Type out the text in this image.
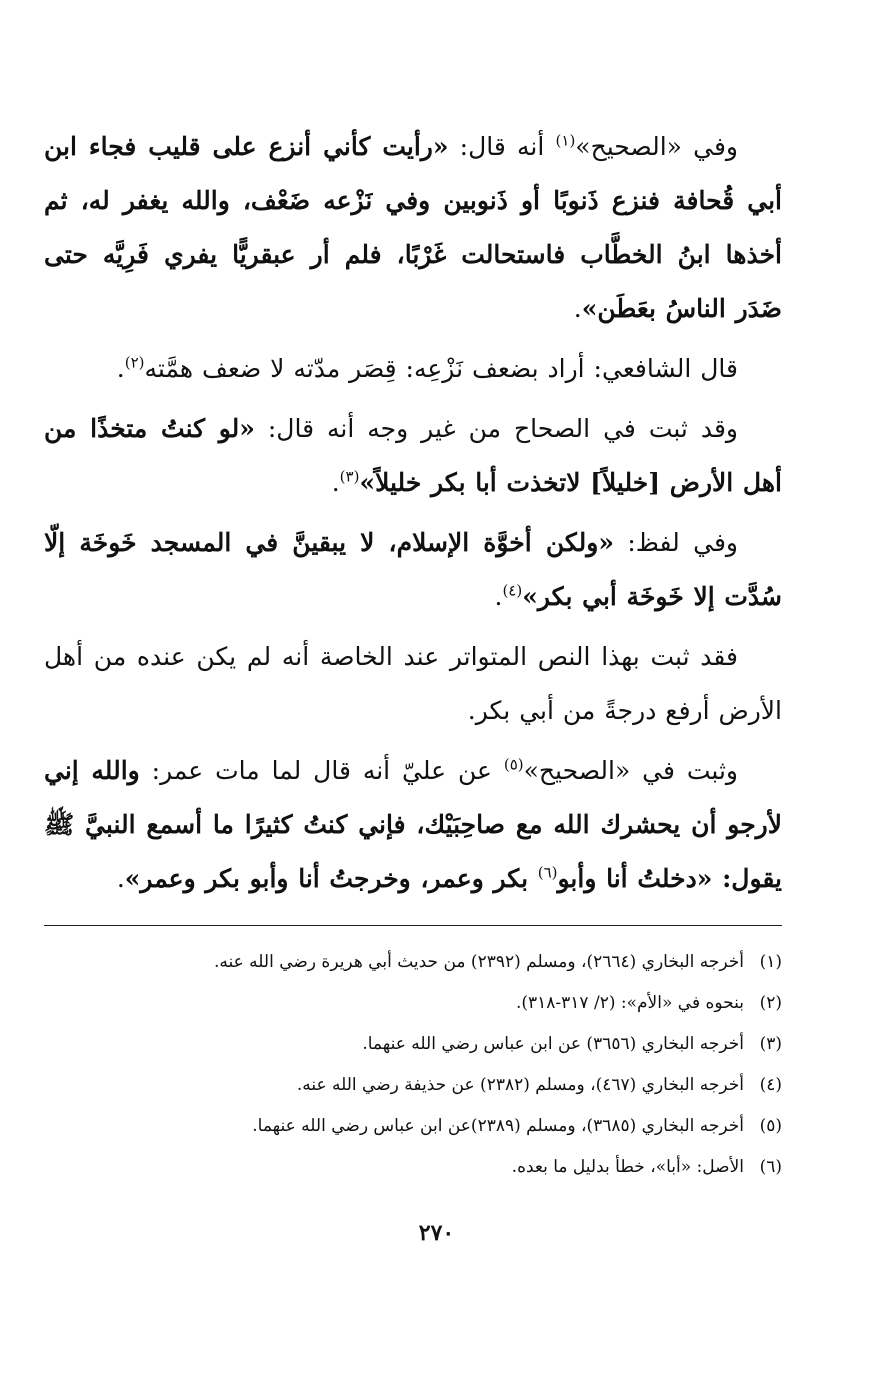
وفي «الصحيح»$^{(١)}$ أنه قال: «رأيت كأني أنزع على قليب فجاء ابن أبي قُحافة فنزع ذَنوبًا أو ذَنوبين وفي نَزْعه ضَعْف، والله يغفر له، ثم أخذها ابنُ الخطَّاب فاستحالت غَرْبًا، فلم أر عبقريًّا يفري فَرِيَّه حتى ضَدَر الناسُ بعَطَن».

قال الشافعي: أراد بضعف نَزْعِه: قِصَر مدّته لا ضعف همَّته$^{(٢)}$.

وقد ثبت في الصحاح من غير وجه أنه قال: «لو كنتُ متخذًا من أهل الأرض [خليلاً] لاتخذت أبا بكر خليلاً»$^{(٣)}$.

وفي لفظ: «ولكن أخوَّة الإسلام، لا يبقينَّ في المسجد خَوخَة إلّا سُدَّت إلا خَوخَة أبي بكر»$^{(٤)}$.

فقد ثبت بهذا النص المتواتر عند الخاصة أنه لم يكن عنده من أهل الأرض أرفع درجةً من أبي بكر.

وثبت في «الصحيح»$^{(٥)}$ عن عليّ أنه قال لما مات عمر: والله إني لأرجو أن يحشرك الله مع صاحِبَيْك، فإني كنتُ كثيرًا ما أسمع النبيَّ ﷺ يقول: «دخلتُ أنا وأبو$^{(٦)}$ بكر وعمر، وخرجتُ أنا وأبو بكر وعمر».

(١)أخرجه البخاري (٢٦٦٤)، ومسلم (٢٣٩٢) من حديث أبي هريرة رضي الله عنه.
(٢)بنحوه في «الأم»: (٢/ ٣١٧-٣١٨).
(٣)أخرجه البخاري (٣٦٥٦) عن ابن عباس رضي الله عنهما.
(٤)أخرجه البخاري (٤٦٧)، ومسلم (٢٣٨٢) عن حذيفة رضي الله عنه.
(٥)أخرجه البخاري (٣٦٨٥)، ومسلم (٢٣٨٩)عن ابن عباس رضي الله عنهما.
(٦)الأصل: «أبا»، خطأ بدليل ما بعده.
٢٧٠
